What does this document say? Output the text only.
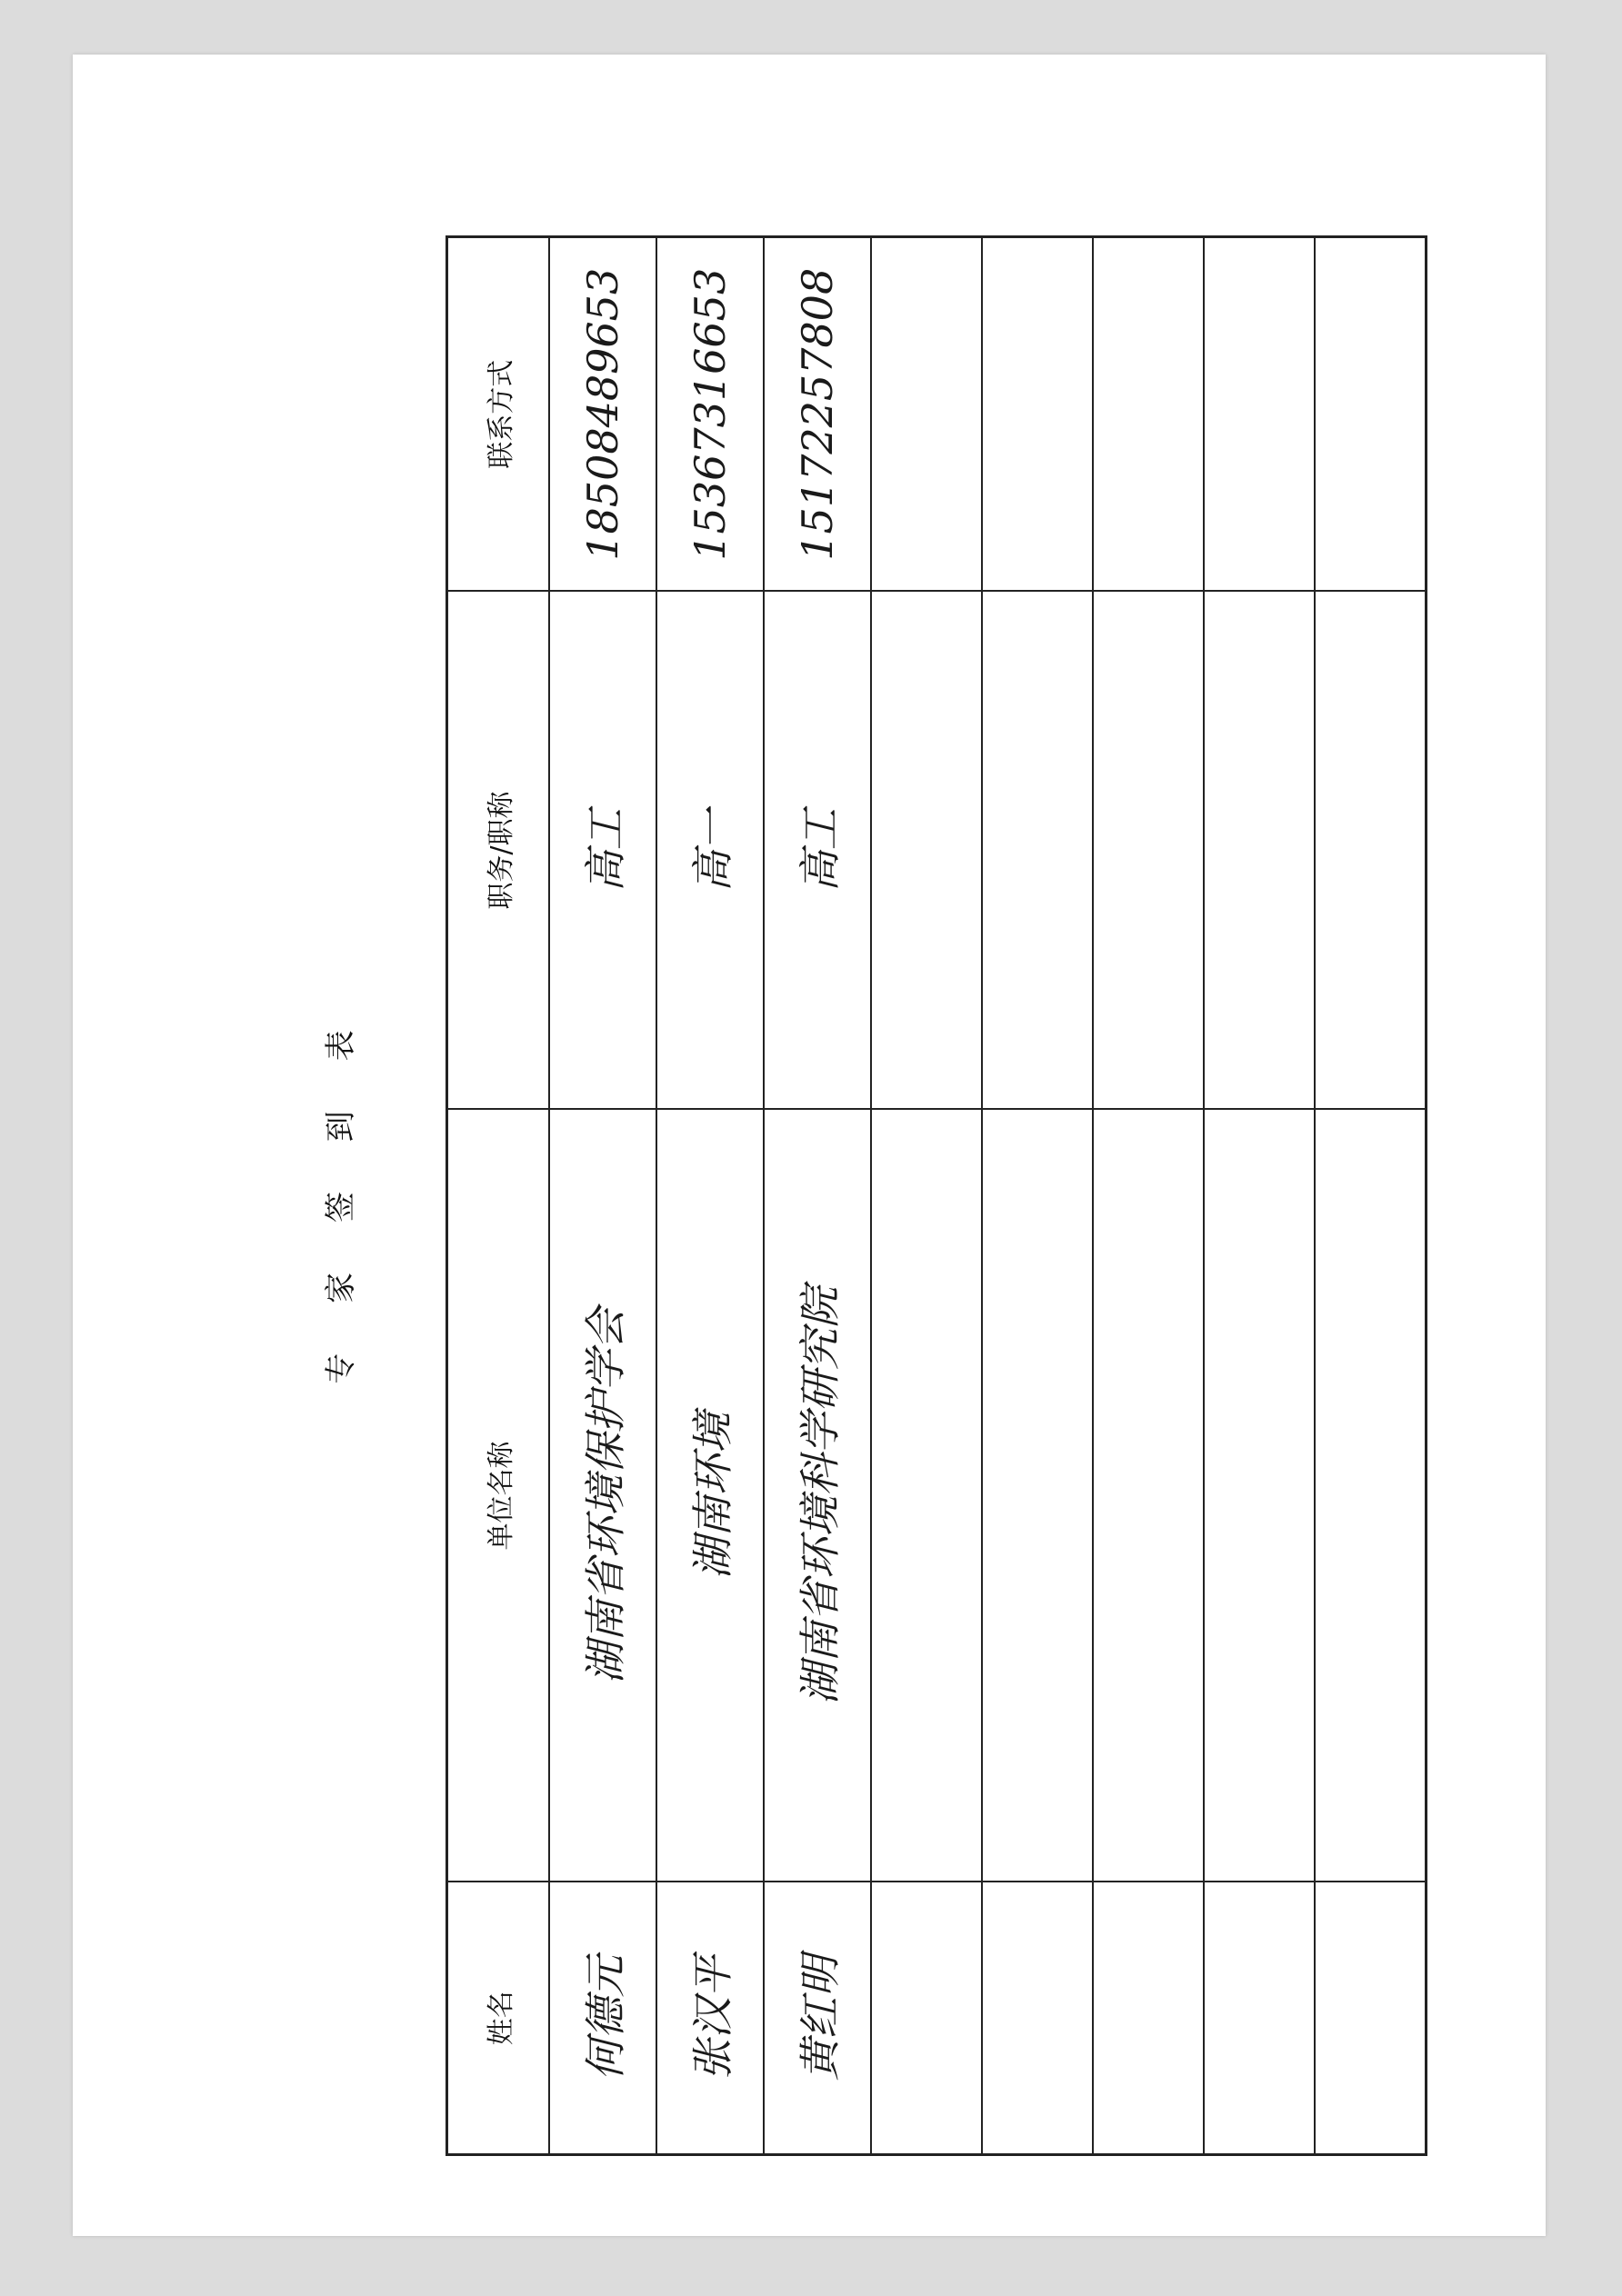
专 家 签 到 表
姓名	单位名称	职务/职称	联系方式
何德元	湖南省环境保护学会	高工	18508489653
张汉平	湖南环境	高一	15367316653
黄红明	湖南省环境科学研究院	高工	15172257808
